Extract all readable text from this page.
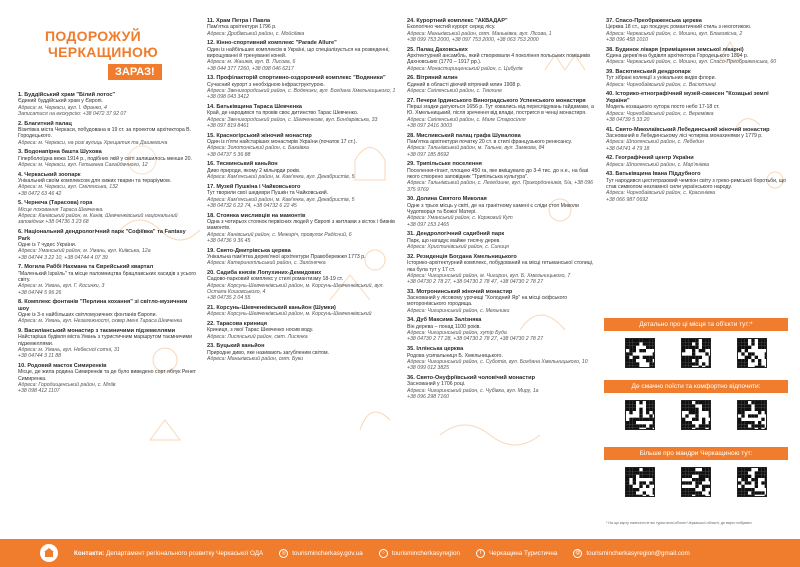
ПОДОРОЖУЙ
ЧЕРКАЩИНОЮ
ЗАРАЗ!
1. Буддійський храм "Білий лотос"
Єдиний буддійський храм у Європі.
Адреса: м. Черкаси, вул. І. Франко, 4
Записатися на екскурсію: +38 0472 37 92 07
2. Благитний палац
Візитівка міста Черкаси, побудована в 19 ст. за проектом архітектора В. Городецького.
Адреса: м. Черкаси, на розі вулиць Хрещатик та Дашкевича
3. Водонапірна башта Шухова
Гіперболоїдна вежа 1914 р., подібних якій у світі залишилось менше 20.
Адреса: м. Черкаси, вул. Гетьмана Сагайдачного, 12
4. Черкаський зоопарк
Унікальний своїм комплексом для хижих тварин та тераріумом.
Адреса: м. Черкаси, вул. Смілянська, 132
+38 0472 63 46 42
5. Чернеча (Тарасова) гора
Місце поховання Тараса Шевченка.
Адреса: Канівський район, м. Канів, Шевченківський національний заповідник +38 04736 3 23 68
6. Національний дендрологічний парк "Софіївка" та Fantasy Park
Одне із 7 чудес України.
Адреса: Уманський район, м. Умань, вул. Київська, 12а
+38 04744 3 22 10, +38 04744 4 07 39
7. Могила Раббі Нахмана та Єврейський квартал
"Маленький Ізраїль" та місце паломництва брацлавських хасидів з усього світу.
Адреса: м. Умань, вул. Г. Косинки, 3
+38 04744 5 96 26
8. Комплекс фонтанів "Перлина кохання" зі світло-музичним шоу
Одне із 3-х найбільших світломузичних фонтанів Європи.
Адреса: м. Умань, вул. Незалежності, сквер імені Тараса Шевченка
9. Василіанський монастир з таємничими підземеллями
Найстаріша будівля міста Умань з туристичним маршрутом таємничими підземеллями.
Адреса: м. Умань, вул. Небесної сотні, 31
+38 04744 3 11 88
10. Родовий маєток Симиренків
Місце, де жила родина Симиренків та де було виведено сорт яблук Ренет Симиренка.
Адреса: Городищенський район, с. Мліїв
+38 098 412 1107
11. Храм Петра і Павла
Пам'ятка архітектури 1796 р.
Адреса: Дробівський район, с. Мойсіївка
12. Кінно-спортивний комплекс "Parade Allure"
Один із найбільших комплексів в Україні, що спеціалізується на розведенні, вирощуванні й тренуванні коней.
Адреса: м. Жашків, вул. В. Лисова, 6
+38 044 377 7260, +38 098 046 6217
13. Профілакторій спортивно-оздоровчий комплекс "Водяники"
Сучасний курорт з необхідною інфраструктурою.
Адреса: Звенигородський район, с. Водяники, вул. Богдана Хмельницького, 1
+38 098 043 3412
14. Батьківщина Тараса Шевченка
Край, де народився та провів своє дитинство Тарас Шевченко.
Адреса: Звенигородський район, с. Шевченкове, вул. Бондарівська, 33
+38 097 819 8461
15. Красногірський жіночий монастир
Один із п'яти найстаріших монастирів України (початок 17 ст.).
Адреса: Золотоніський район, с. Бакаївка
+38 04737 5 36 88
16. Тясминський каньйон
Диво природи, якому 2 мільярди років.
Адреса: Кам'янський район, м. Кам'янка, вул. Декабристів, 5
17. Музей Пушкіна і Чайковського
Тут творили свої шедеври Пушкін та Чайковський.
Адреса: Кам'янський район, м. Кам'янка, вул. Декабристів, 5
+38 04732 6 22 74, +38 04732 6 22 45
18. Стоянка мисливців на мамонтів
Одна з чотирьох стоянок первісних людей у Європі з житлами з кісток і бивнів мамонтів.
Адреса: Канівський район, с. Межиріч, провулок Радісний, 6
+38 04736 9 36 45
19. Свято-Дмитрівська церква
Унікальна пам'ятка дерев'яної архітектури Правобережжя 1773 р.
Адреса: Катеринопільський район, с. Залізнячка
20. Садиба князів Лопухиних-Демидових
Садово-парковий комплекс у стилі романтизму 18-19 ст.
Адреса: Корсунь-Шевченківський район, м. Корсунь-Шевченківський, вул. Остапа Кошовського, 4
+38 04735 2 04 55
21. Корсунь-Шевченківський каньйон (Шумки)
Адреса: Корсунь-Шевченківський район, м. Корсунь-Шевченківський
22. Тарасова криниця
Криниця, з якої Тарас Шевченко носив воду.
Адреса: Лисянський район, смт. Лисянка
23. Буцький каньйон
Природне диво, яке називають загубленим світом.
Адреса: Маньківський район, смт. Буки
24. Курортний комплекс "АКВАДАР"
Екологічно чистий курорт серед лісу.
Адреса: Маньківський район, смт. Маньківка, вул. Лісова, 1
+38 099 753 2000, +38 097 753 2000, +38 063 753 2000
25. Палац Даховських
Архітектурний ансамбль, який створювали 4 покоління польських поміщиків Дахновських (1770 – 1917 рр.).
Адреса: Монастирищенський район, с. Цибулів
26. Вітряний млин
Єдиний в області діючий вітряний млин 1908 р.
Адреса: Смілянський район, с. Теклине
27. Печери Ірдинського Виноградського Успенського монастиря
Перші згадки датуються 1656 р. Тут ховались від переслідувань гайдамаки, а Ю. Хмельницький, після зречення від влади, постригся в ченці монастиря.
Адреса: Смілянський район, с. Мале Старосілля
+38 097 2416 3003
28. Мисливський палац графа Шувалова
Пам'ятка архітектури початку 20 ст. в стилі французького ренесансу.
Адреса: Тальнівський район, м. Тальне, вул. Замкова, 84
+38 097 185 8692
29. Трипільське поселення
Поселення-гігант, площею 450 га, яке вміщувало до 3-4 тис. до н.е., на базі якого створено заповідник "Трипільська культура".
Адреса: Тальнівський район, с. Легедзине, вул. Прикордонників, 5/а, +38 096 375 9769
30. Долина Святого Миколая
Одне з трьох місць у світі, де на гранітному камені є сліди стоп Миколи Чудотворця та Божої Матері.
Адреса: Уманський район, с. Коржовий Кут
+38 097 153 1465
31. Дендрологічний садибний парк
Парк, що нагадує майже тисячу дерев.
Адреса: Христинівський район, с. Синиця
32. Резиденція Богдана Хмельницького
Історико-архітектурний комплекс, побудований на місці гетьманської столиці, яка була тут у 17 ст.
Адреса: Чигиринський район, м. Чигирин, вул. Б. Хмельницького, 7
+38 04730 2 78 27, +38 04730 2 78 47, +38 04730 2 78 27
33. Мотронинський жіночий монастир
Заснований у лісовому урочищі "Холодний Яр" на місці скіфського моторонівського городища.
Адреса: Чигиринський район, с. Мельники
34. Дуб Максима Залізняка
Він дерева – понад 1100 років.
Адреса: Чигиринський район, хутір Буда
+38 04730 2 77 28, +38 04730 2 78 27, +38 04730 2 78 27
35. Іллінська церква
Родова усипальниця Б. Хмельницького.
Адреса: Чигиринський район, с. Суботів, вул. Богдана Хмельницького, 10
+38 099 012 3825
36. Свято-Онуфріївський чоловічий монастир
Заснований у 1706 році.
Адреса: Чигиринський район, с. Чубівка, вул. Миру, 1а
+38 096 298 7160
37. Спасо-Преображенська церква
Церква 18 ст., що поєднує романтичний стиль з неоготикою.
Адреса: Черкаський район, с. Мошни, вул. Благовісна, 2
+38 096 458 1010
38. Будинок лікаря (приміщення земської лікарні)
Єдина дерев'яна будівля архітектора Городецького 1894 р.
Адреса: Черкаський район, с. Мошни, вул. Спасо-Преображенська, 60
39. Васютинський дендропарк
Тут зібрані колекції з унікальних видів флори.
Адреса: Чорнобаївський район, с. Васютинці
40. Історико-етнографічний музей-скансен "Козацькі землі України"
Модель козацького хутора посто небо 17-18 ст.
Адреса: Чорнобаївський район, с. Веремівка
+38 04739 5 33 20
41. Свято-Миколаївський Лебединський жіночий монастир
Заснований в Лебединському лісі чотирма монахинями у 1779 р.
Адреса: Шполянський район, с. Лебедин
+38 04741 4 79 18
42. Географічний центр України
Адреса: Шполянський район, с. Мар'янівка
43. Батьківщина Івана Піддубного
Тут народився цеститразовий чемпіон світу з греко-римської боротьби, що став символом незламної сили українського народу.
Адреса: Чорнобаївський район, с. Красенівка
+38 066 987 0692
Детально про ці місця та об'єкти тут:*
Де смачно поїсти та комфортно відпочити:
Більше про мандри Черкащиною тут:
* На що карту нанесені не всі туристичні об'єкти Черкаської області, де варто побувати.
Контакти: Департамент регіонального розвитку Черкаської ОДА	◎	tourismincherkasy.gov.ua	○	tourismincherkasyregion	f	Черкащина Туристична	@ tourismincherkasyregion@gmail.com
